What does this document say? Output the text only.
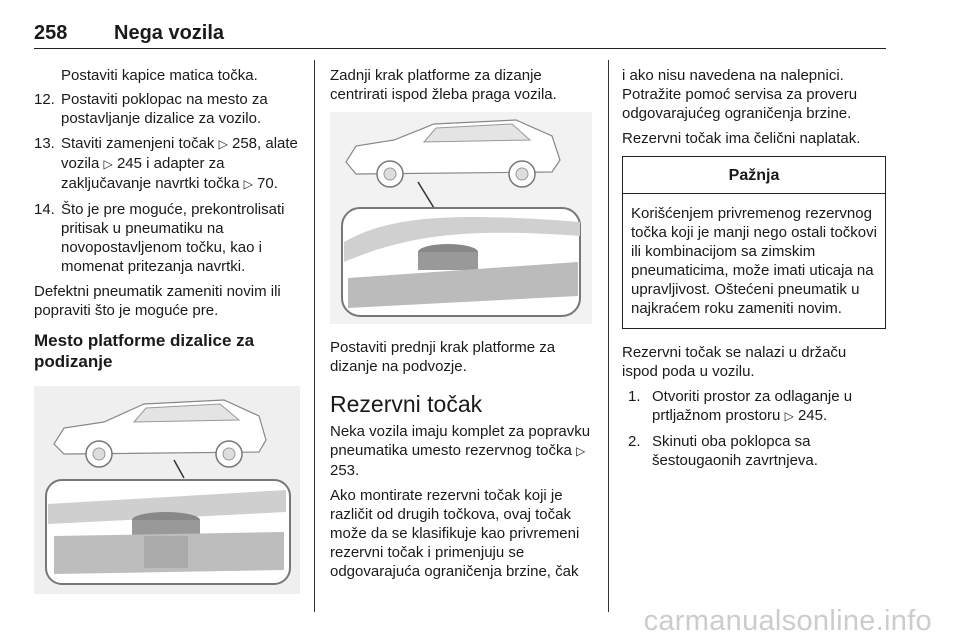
258 Nega vozila
Postaviti kapice matica točka.
12. Postaviti poklopac na mesto za postavljanje dizalice za vozilo.
13. Staviti zamenjeni točak ▷ 258, alate vozila ▷ 245 i adapter za zaključavanje navrtki točka ▷ 70.
14. Što je pre moguće, prekontrolisati pritisak u pneumatiku na novopostavljenom točku, kao i momenat pritezanja navrtki.

Defektni pneumatik zameniti novim ili popraviti što je moguće pre.

Mesto platforme dizalice za podizanje

Zadnji krak platforme za dizanje centrirati ispod žleba praga vozila.

Postaviti prednji krak platforme za dizanje na podvozje.

Rezervni točak

Neka vozila imaju komplet za popravku pneumatika umesto rezervnog točka ▷ 253.

Ako montirate rezervni točak koji je različit od drugih točkova, ovaj točak može da se klasifikuje kao privremeni rezervni točak i primenjuju se odgovarajuća ograničenja brzine, čak

i ako nisu navedena na nalepnici. Potražite pomoć servisa za proveru odgovarajućeg ograničenja brzine.

Rezervni točak ima čelični naplatak.

Pažnja
Korišćenjem privremenog rezervnog točka koji je manji nego ostali točkovi ili kombinacijom sa zimskim pneumaticima, može imati uticaja na upravljivost. Oštećeni pneumatik u najkraćem roku zameniti novim.

Rezervni točak se nalazi u držaču ispod poda u vozilu.

1. Otvoriti prostor za odlaganje u prtljažnom prostoru ▷ 245.
2. Skinuti oba poklopca sa šestougaonih zavrtnjeva.
carmanualsonline.info
